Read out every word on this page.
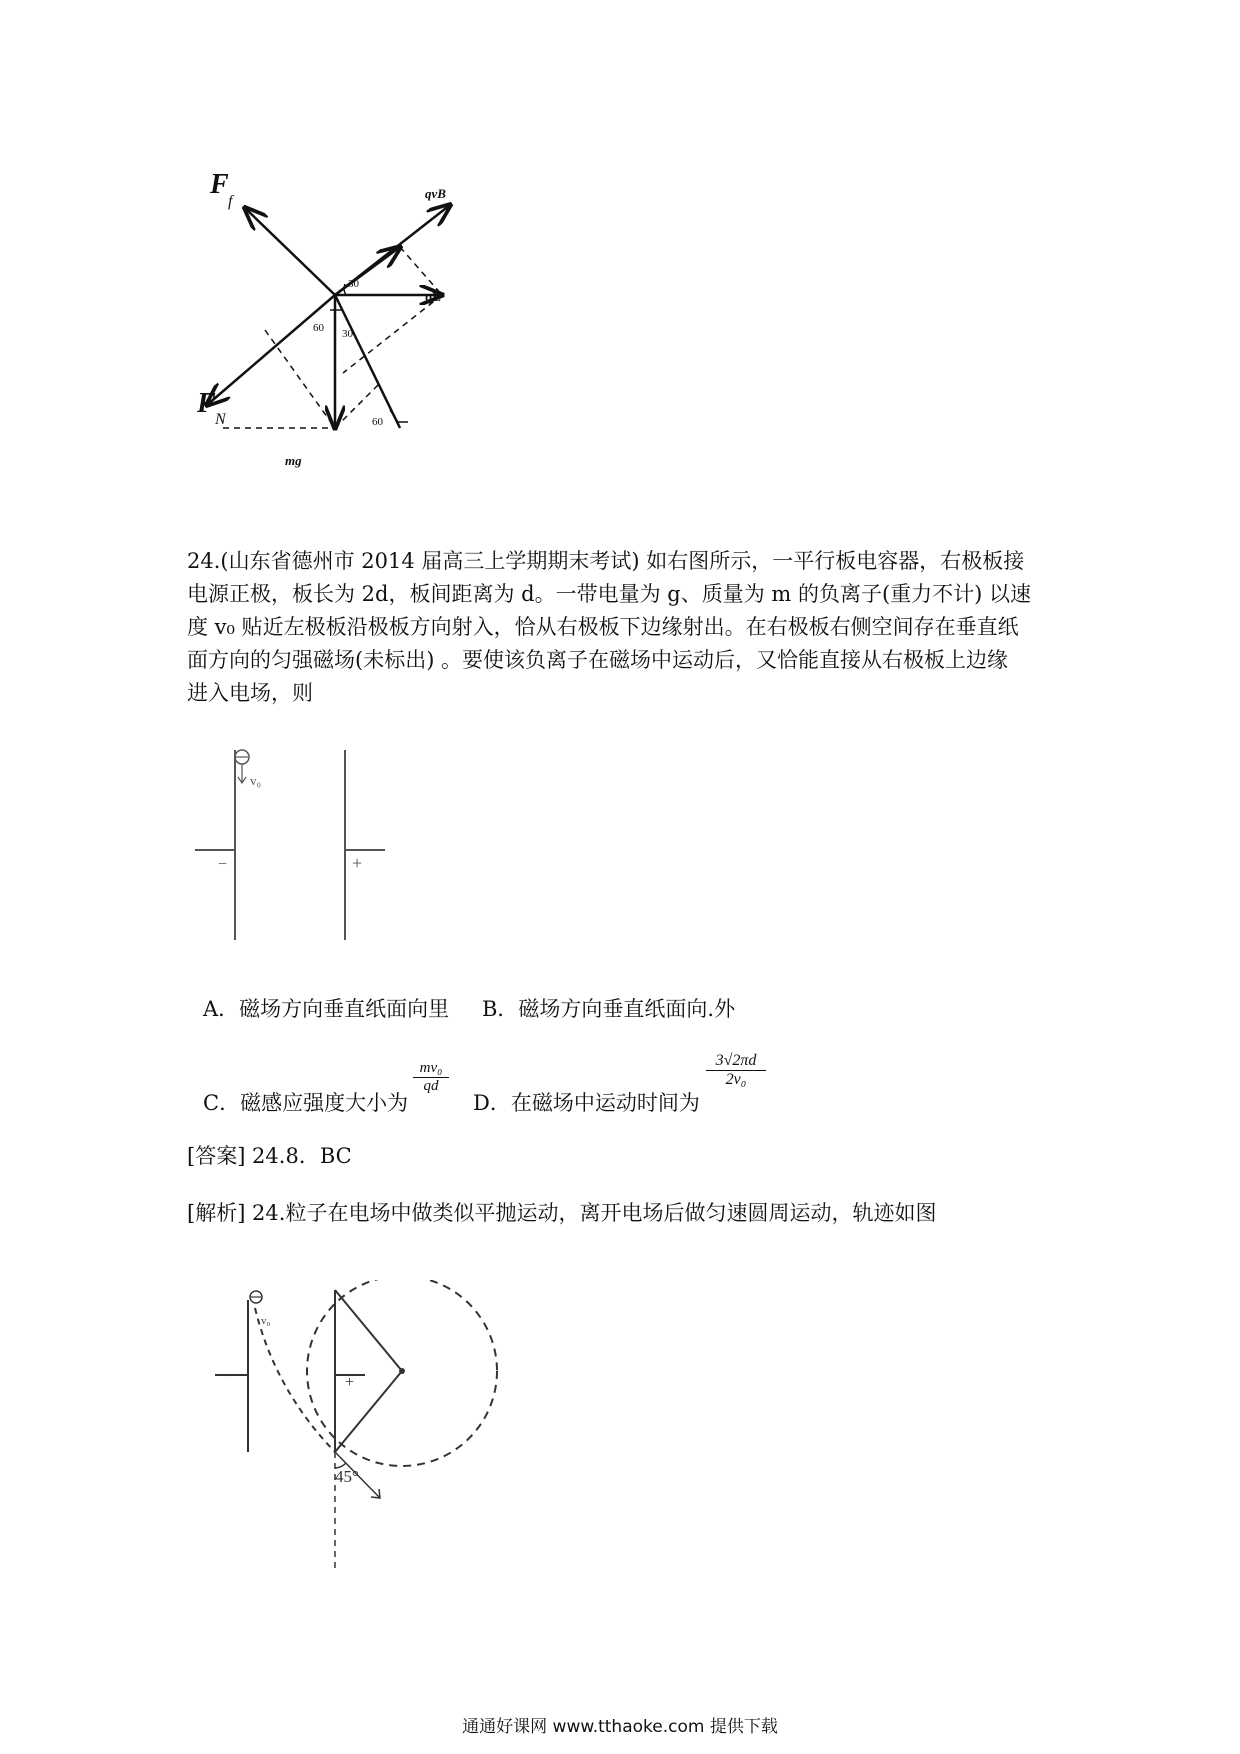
F
f	qvB
qE
F
N
mg
30
60 30
60
24.(山东省德州市 2014 届高三上学期期末考试) 如右图所示，一平行板电容器，右极板接
电源正极，板长为 2d，板间距离为 d。一带电量为 g、质量为 m 的负离子(重力不计) 以速
度 v₀ 贴近左极板沿极板方向射入，恰从右极板下边缘射出。在右极板右侧空间存在垂直纸
面方向的匀强磁场(未标出) 。要使该负离子在磁场中运动后，又恰能直接从右极板上边缘
进入电场，则
v₀
−	+
A．磁场方向垂直纸面向里 B．磁场方向垂直纸面向.外
C．磁感应强度大小为
$\frac{\text{mv₀}}{qd}$
D．在磁场中运动时间为
$\frac{3√2\pi d}{\text{2v₀}}$
[答案] 24.8．BC
[解析] 24.粒子在电场中做类似平抛运动，离开电场后做匀速圆周运动，轨迹如图
v₀
−	+
45°
通通好课网 www.tthaoke.com 提供下载
